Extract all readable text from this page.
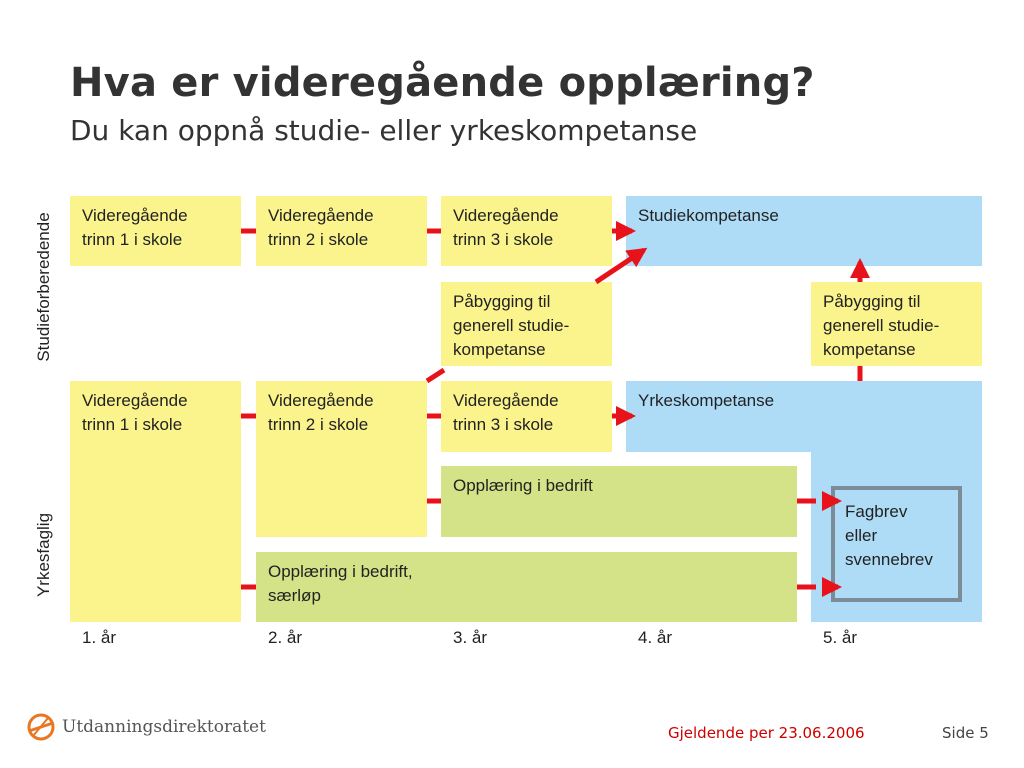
Hva er videregående opplæring?
Du kan oppnå studie- eller yrkeskompetanse
Studiekompetanse
Yrkeskompetanse
Videregående
trinn 1 i skole
Videregående
trinn 2 i skole
Videregående
trinn 3 i skole
Påbygging til
generell studie-
kompetanse
Påbygging til
generell studie-
kompetanse
Videregående
trinn 1 i skole
Videregående
trinn 2 i skole
Videregående
trinn 3 i skole
Opplæring i bedrift
Opplæring i bedrift,
særløp
Fagbrev
eller
svennebrev
Studieforberedende
Yrkesfaglig
1. år	2. år	3. år	4. år	5. år
Utdanningsdirektoratet	Gjeldende per 23.06.2006	Side 5
